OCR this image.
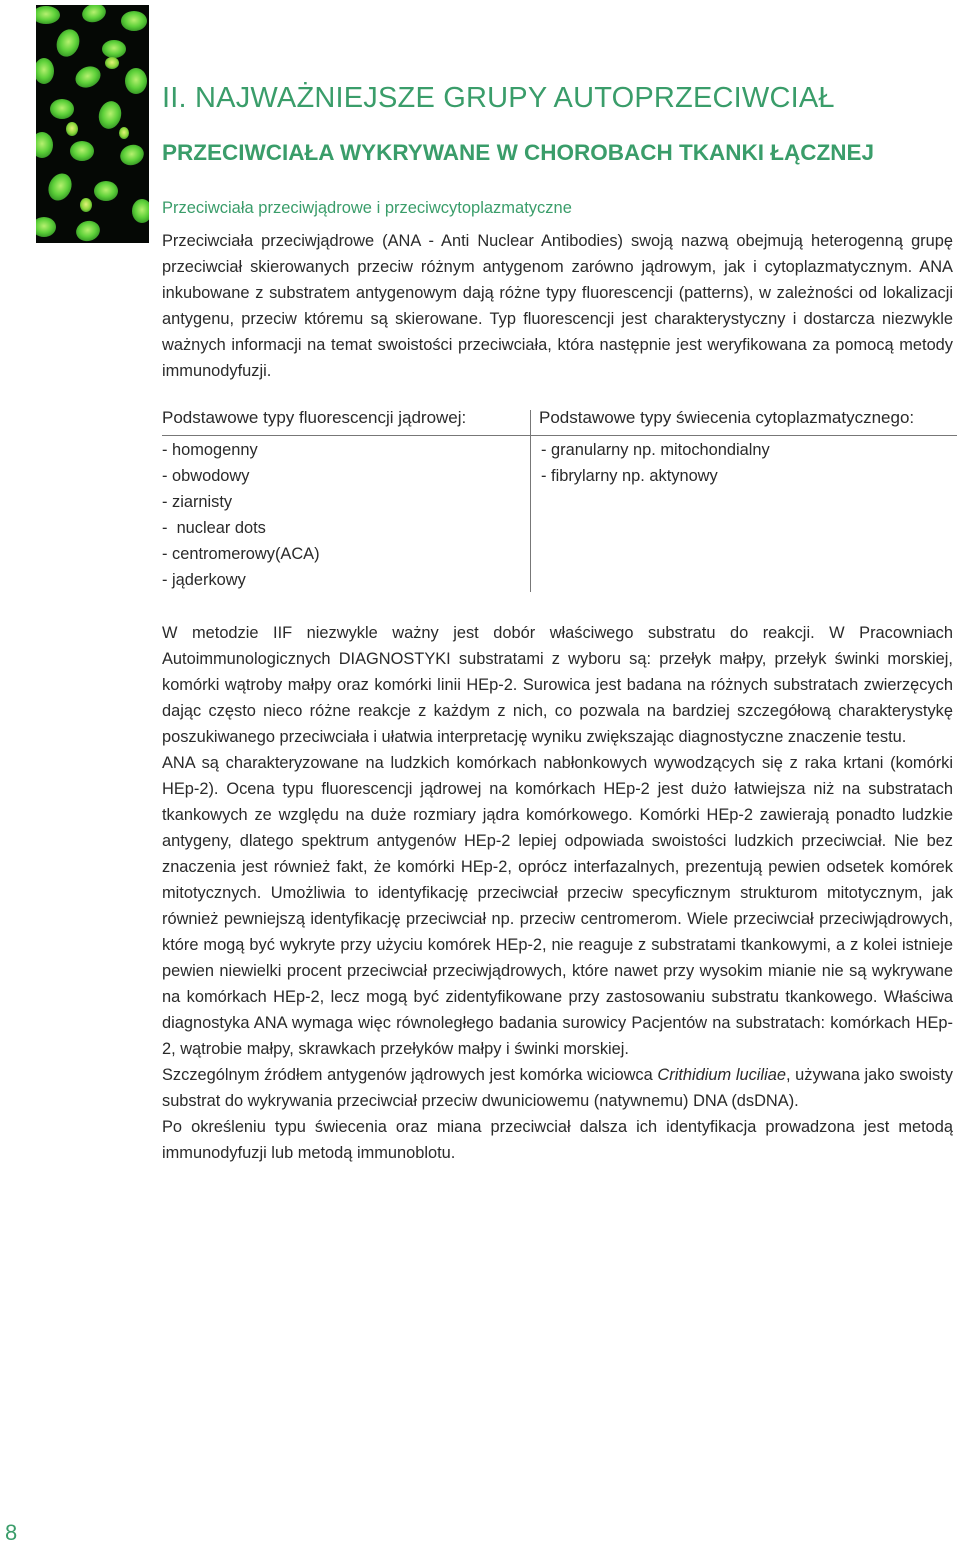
II. NAJWAŻNIEJSZE GRUPY AUTOPRZECIWCIAŁ
PRZECIWCIAŁA WYKRYWANE W CHOROBACH TKANKI ŁĄCZNEJ
Przeciwciała przeciwjądrowe i przeciwcytoplazmatyczne

Przeciwciała przeciwjądrowe (ANA - Anti Nuclear Antibodies) swoją nazwą obejmują heterogenną grupę przeciwciał skierowanych przeciw różnym antygenom zarówno jądrowym, jak i cytoplazmatycznym. ANA inkubowane z substratem antygenowym dają różne typy fluorescencji (patterns), w zależności od lokalizacji antygenu, przeciw któremu są skierowane. Typ fluorescencji jest charakterystyczny i dostarcza niezwykle ważnych informacji na temat swoistości przeciwciała, która następnie jest weryfikowana za pomocą metody immunodyfuzji.

Podstawowe typy fluorescencji jądrowej:	Podstawowe typy świecenia cytoplazmatycznego:
- homogenny
- obwodowy
- ziarnisty
-  nuclear dots
- centromerowy(ACA)
- jąderkowy
- granularny np. mitochondialny
- fibrylarny np. aktynowy

W metodzie IIF niezwykle ważny jest dobór właściwego substratu do reakcji. W Pracowniach Autoimmunologicznych DIAGNOSTYKI substratami z wyboru są: przełyk małpy, przełyk świnki morskiej, komórki wątroby małpy oraz komórki linii HEp-2. Surowica jest badana na różnych substratach zwierzęcych dając często nieco różne reakcje z każdym z nich, co pozwala na bardziej szczegółową charakterystykę poszukiwanego przeciwciała i ułatwia interpretację wyniku zwiększając diagnostyczne znaczenie testu.

ANA są charakteryzowane na ludzkich komórkach nabłonkowych wywodzących się z raka krtani (komórki HEp-2). Ocena typu fluorescencji jądrowej na komórkach HEp-2 jest dużo łatwiejsza niż na substratach tkankowych ze względu na duże rozmiary jądra komórkowego. Komórki HEp-2 zawierają ponadto ludzkie antygeny, dlatego spektrum antygenów HEp-2 lepiej odpowiada swoistości ludzkich przeciwciał. Nie bez znaczenia jest również fakt, że komórki HEp-2, oprócz interfazalnych, prezentują pewien odsetek komórek mitotycznych. Umożliwia to identyfikację przeciwciał przeciw specyficznym strukturom mitotycznym, jak również pewniejszą identyfikację przeciwciał np. przeciw centromerom. Wiele przeciwciał przeciwjądrowych, które mogą być wykryte przy użyciu komórek HEp-2, nie reaguje z substratami tkankowymi, a z kolei istnieje pewien niewielki procent przeciwciał przeciwjądrowych, które nawet przy wysokim mianie nie są wykrywane na komórkach HEp-2, lecz mogą być zidentyfikowane przy zastosowaniu substratu tkankowego. Właściwa diagnostyka ANA wymaga więc równoległego badania surowicy Pacjentów na substratach: komórkach HEp-2, wątrobie małpy, skrawkach przełyków małpy i świnki morskiej.

Szczególnym źródłem antygenów jądrowych jest komórka wiciowca Crithidium luciliae, używana jako swoisty substrat do wykrywania przeciwciał przeciw dwuniciowemu (natywnemu) DNA (dsDNA).

Po określeniu typu świecenia oraz miana przeciwciał dalsza ich identyfikacja prowadzona jest metodą immunodyfuzji lub metodą immunoblotu.

8
